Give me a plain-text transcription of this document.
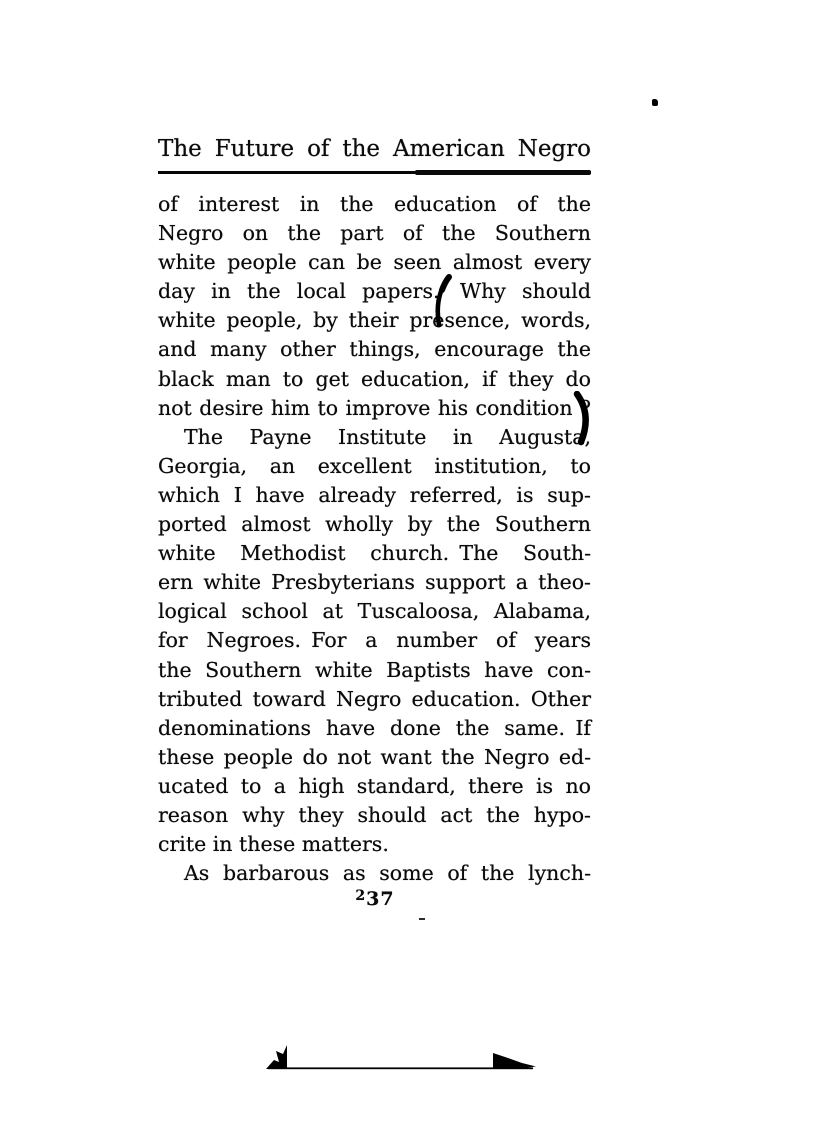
The Future of the American Negro
of interest in the education of the
Negro on the part of the Southern
white people can be seen almost every
day in the local papers. Why should
white people, by their presence, words,
and many other things, encourage the
black man to get education, if they do
not desire him to improve his condition ?
The Payne Institute in Augusta,
Georgia, an excellent institution, to
which I have already referred, is sup-
ported almost wholly by the Southern
white Methodist church. The South-
ern white Presbyterians support a theo-
logical school at Tuscaloosa, Alabama,
for Negroes. For a number of years
the Southern white Baptists have con-
tributed toward Negro education. Other
denominations have done the same. If
these people do not want the Negro ed-
ucated to a high standard, there is no
reason why they should act the hypo-
crite in these matters.
As barbarous as some of the lynch-
237
